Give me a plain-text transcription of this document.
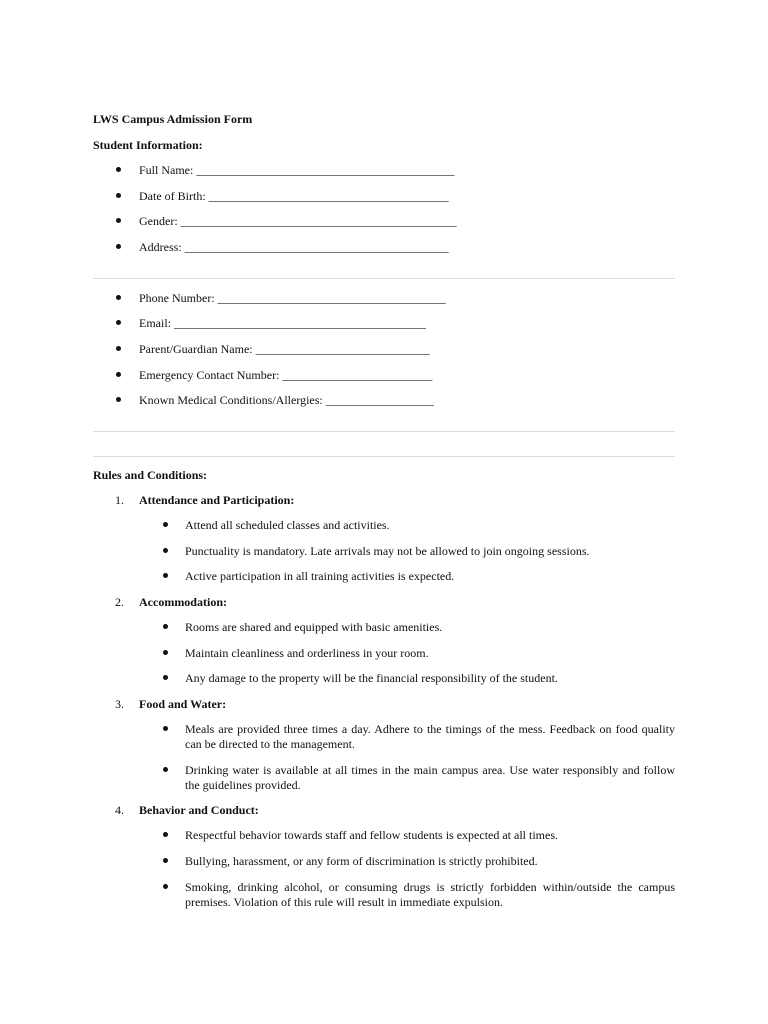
LWS Campus Admission Form
Student Information:
Full Name: ___________________________________________
Date of Birth: ________________________________________
Gender: ______________________________________________
Address: ____________________________________________
Phone Number: ______________________________________
Email: __________________________________________
Parent/Guardian Name: _____________________________
Emergency Contact Number: _________________________
Known Medical Conditions/Allergies: __________________
Rules and Conditions:
1.	Attendance and Participation:
Attend all scheduled classes and activities.
Punctuality is mandatory. Late arrivals may not be allowed to join ongoing sessions.
Active participation in all training activities is expected.
2.	Accommodation:
Rooms are shared and equipped with basic amenities.
Maintain cleanliness and orderliness in your room.
Any damage to the property will be the financial responsibility of the student.
3.	Food and Water:
Meals are provided three times a day. Adhere to the timings of the mess. Feedback on food quality can be directed to the management.
Drinking water is available at all times in the main campus area. Use water responsibly and follow the guidelines provided.
4.	Behavior and Conduct:
Respectful behavior towards staff and fellow students is expected at all times.
Bullying, harassment, or any form of discrimination is strictly prohibited.
Smoking, drinking alcohol, or consuming drugs is strictly forbidden within/outside the campus premises. Violation of this rule will result in immediate expulsion.
